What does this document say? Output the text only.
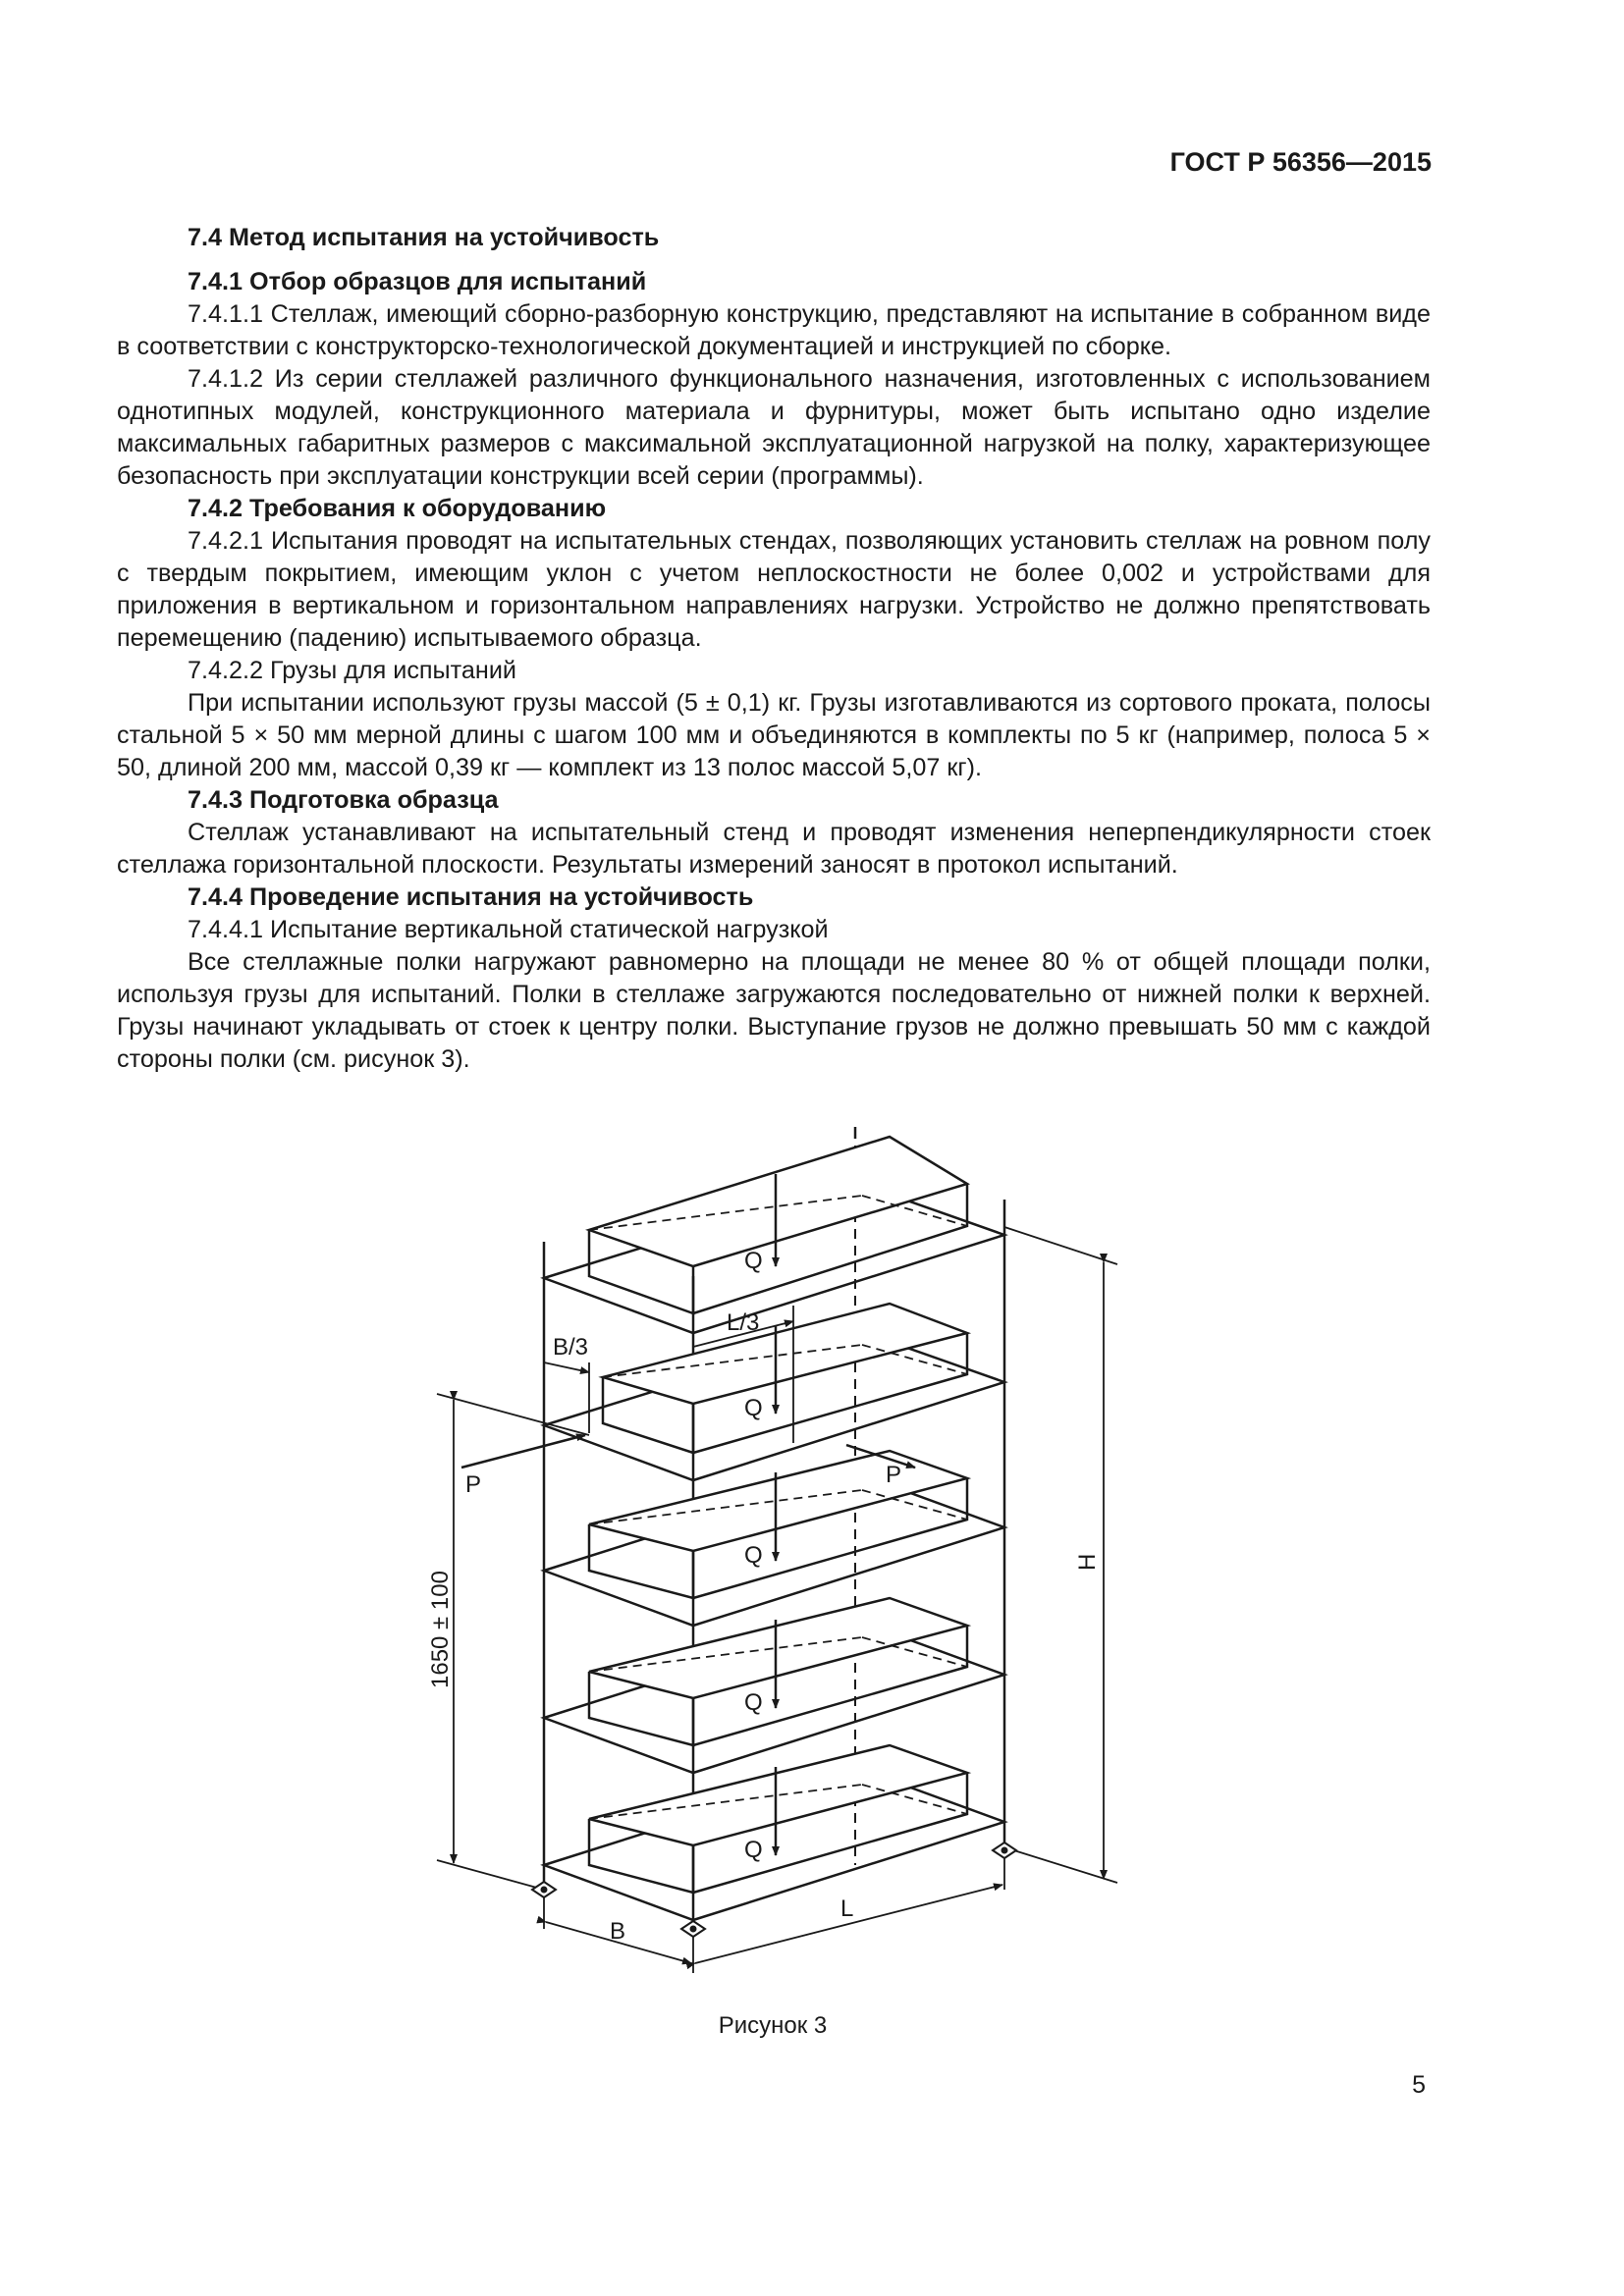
ГОСТ Р 56356—2015

7.4 Метод испытания на устойчивость

7.4.1 Отбор образцов для испытаний

7.4.1.1 Стеллаж, имеющий сборно-разборную конструкцию, представляют на испытание в собранном виде в соответствии с конструкторско-технологической документацией и инструкцией по сборке.

7.4.1.2 Из серии стеллажей различного функционального назначения, изготовленных с использованием однотипных модулей, конструкционного материала и фурнитуры, может быть испытано одно изделие максимальных габаритных размеров с максимальной эксплуатационной нагрузкой на полку, характеризующее безопасность при эксплуатации конструкции всей серии (программы).

7.4.2 Требования к оборудованию

7.4.2.1 Испытания проводят на испытательных стендах, позволяющих установить стеллаж на ровном полу с твердым покрытием, имеющим уклон с учетом неплоскостности не более 0,002 и устройствами для приложения в вертикальном и горизонтальном направлениях нагрузки. Устройство не должно препятствовать перемещению (падению) испытываемого образца.

7.4.2.2 Грузы для испытаний

При испытании используют грузы массой (5 ± 0,1) кг. Грузы изготавливаются из сортового проката, полосы стальной 5 × 50 мм мерной длины с шагом 100 мм и объединяются в комплекты по 5 кг (например, полоса 5 × 50, длиной 200 мм, массой 0,39 кг — комплект из 13 полос массой 5,07 кг).

7.4.3 Подготовка образца

Стеллаж устанавливают на испытательный стенд и проводят изменения неперпендикулярности стоек стеллажа горизонтальной плоскости. Результаты измерений заносят в протокол испытаний.

7.4.4 Проведение испытания на устойчивость

7.4.4.1 Испытание вертикальной статической нагрузкой

Все стеллажные полки нагружают равномерно на площади не менее 80 % от общей площади полки, используя грузы для испытаний. Полки в стеллаже загружаются последовательно от нижней полки к верхней. Грузы начинают укладывать от стоек к центру полки. Выступание грузов не должно превышать 50 мм с каждой стороны полки (см. рисунок 3).

Q
Q
Q
Q
Q
L/3
B/3
P	P
1650 ± 100
H
B
L
Рисунок 3
5
